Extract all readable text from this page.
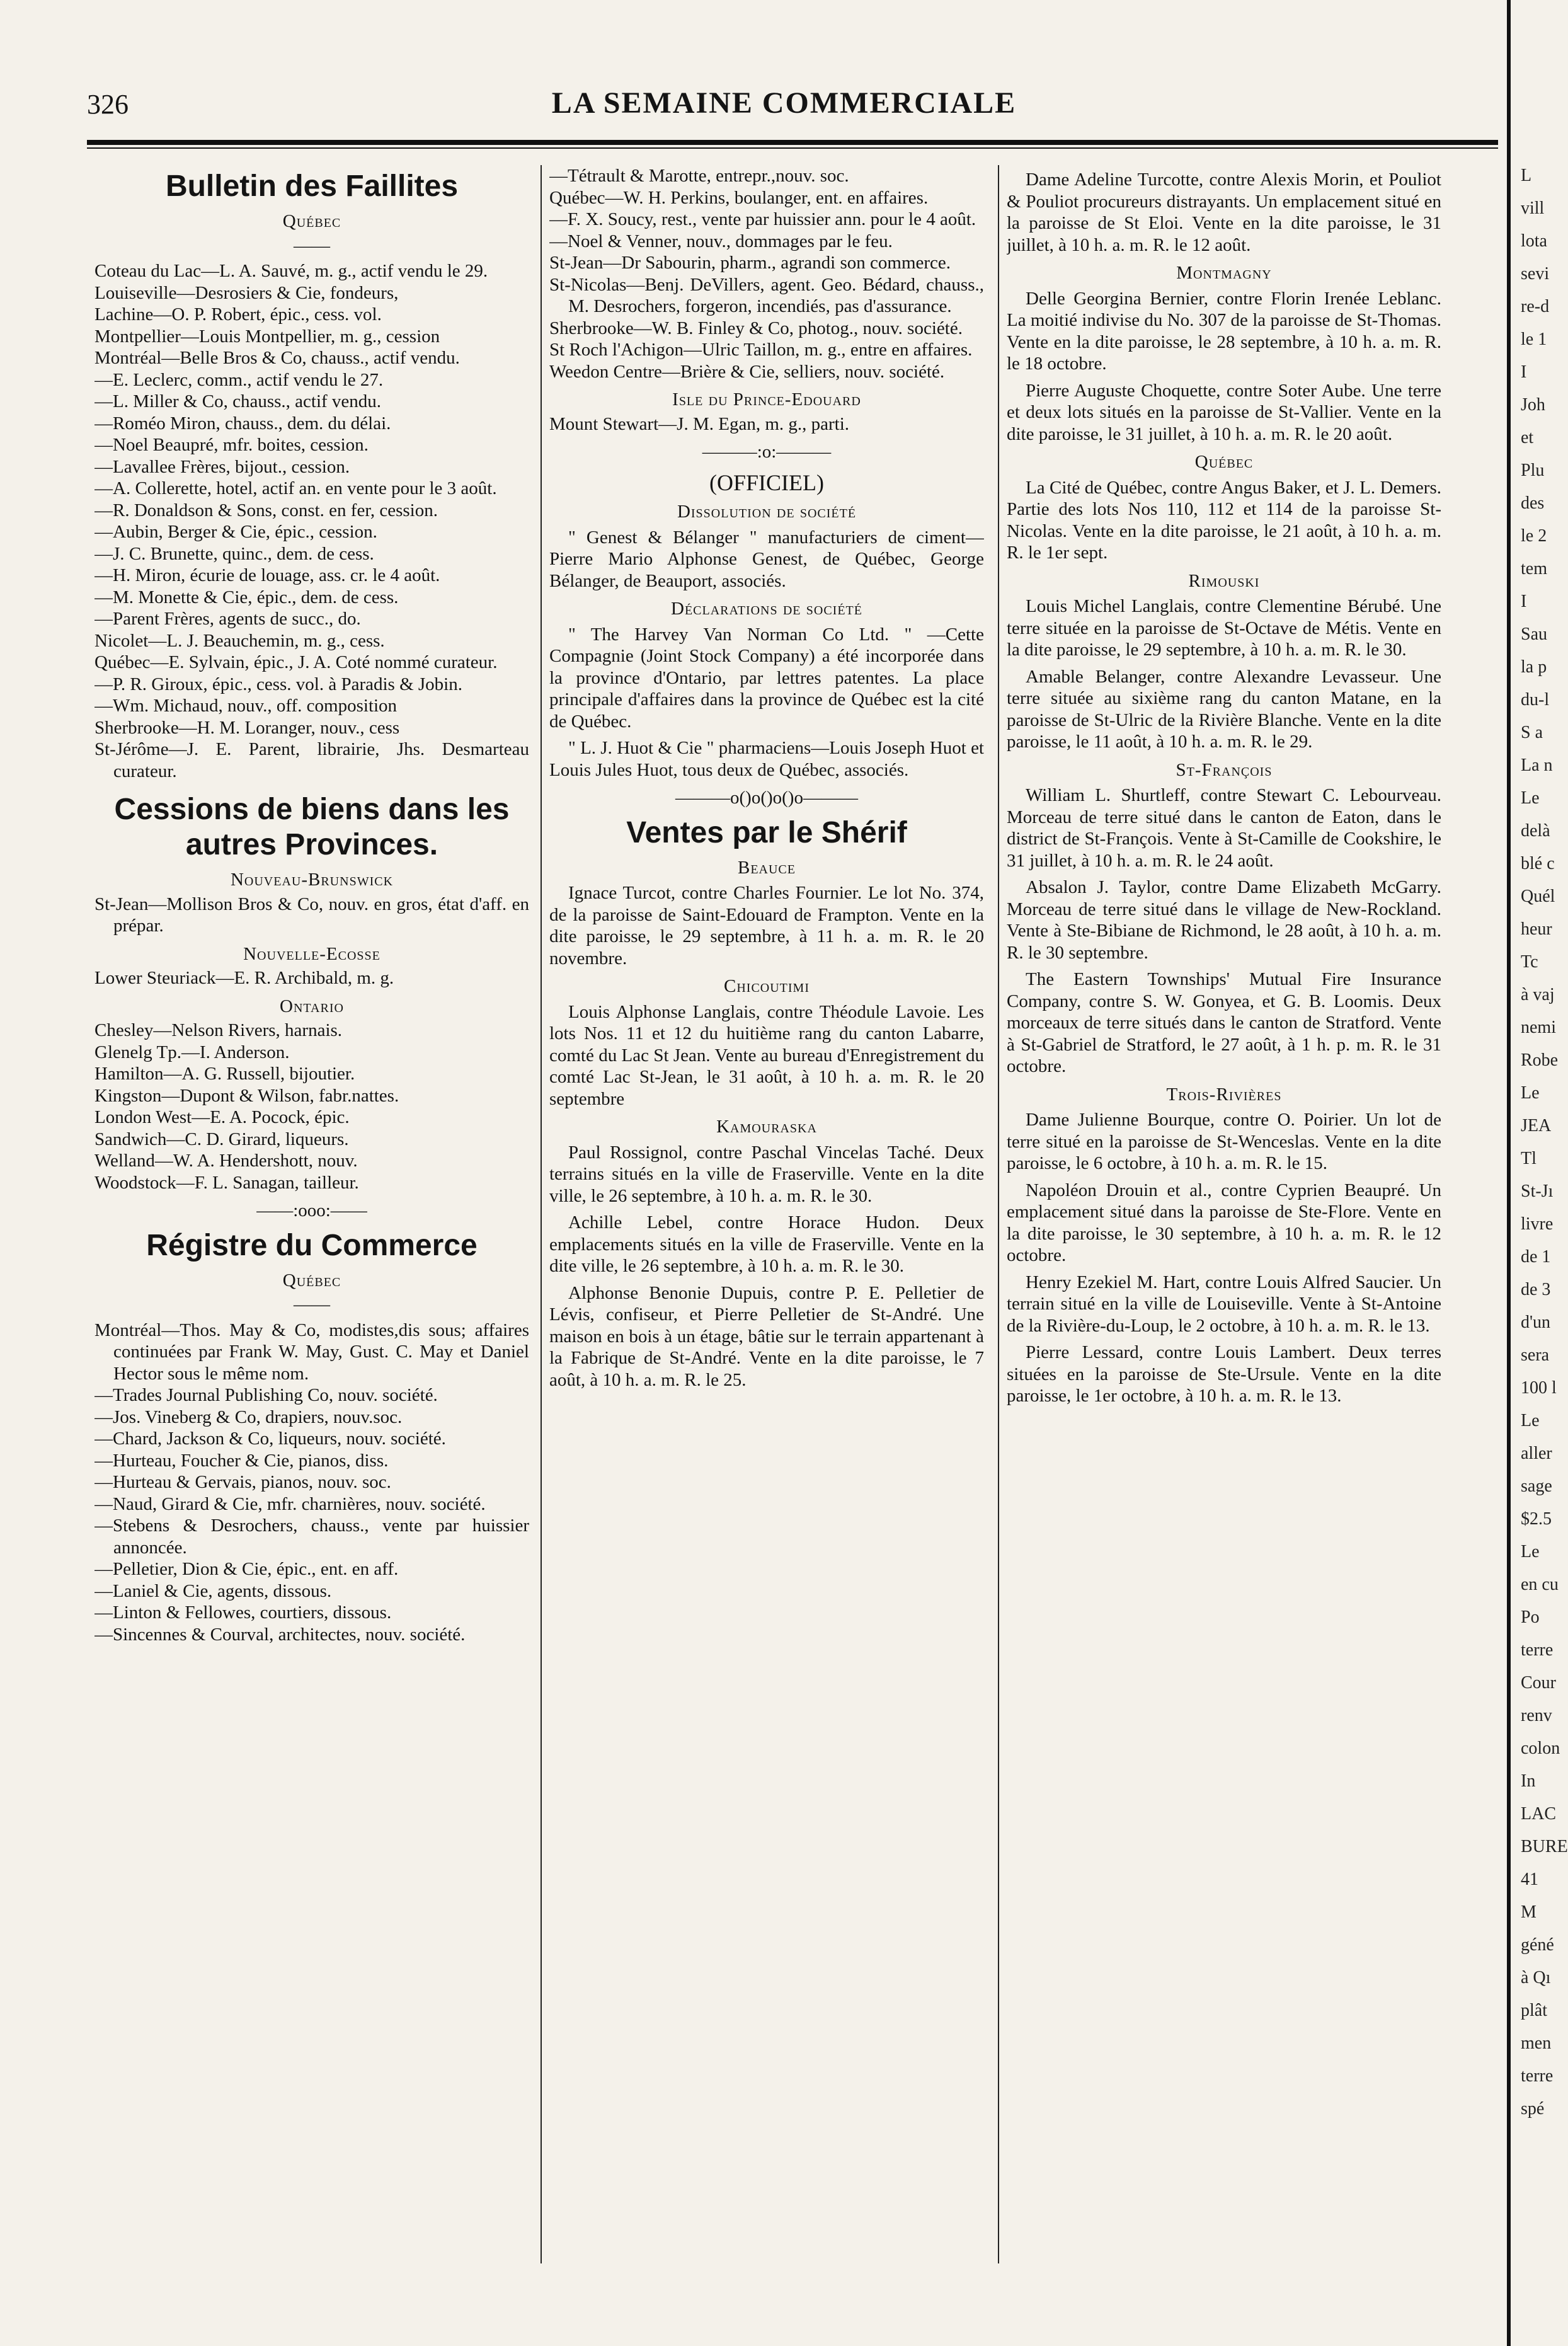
326	LA SEMAINE COMMERCIALE
Bulletin des Faillites
Québec
——

Coteau du Lac—L. A. Sauvé, m. g., actif vendu le 29.

Louiseville—Desrosiers & Cie, fondeurs,

Lachine—O. P. Robert, épic., cess. vol.

Montpellier—Louis Montpellier, m. g., cession

Montréal—Belle Bros & Co, chauss., actif vendu.

—E. Leclerc, comm., actif vendu le 27.

—L. Miller & Co, chauss., actif vendu.

—Roméo Miron, chauss., dem. du délai.

—Noel Beaupré, mfr. boites, cession.

—Lavallee Frères, bijout., cession.

—A. Collerette, hotel, actif an. en vente pour le 3 août.

—R. Donaldson & Sons, const. en fer, cession.

—Aubin, Berger & Cie, épic., cession.

—J. C. Brunette, quinc., dem. de cess.

—H. Miron, écurie de louage, ass. cr. le 4 août.

—M. Monette & Cie, épic., dem. de cess.

—Parent Frères, agents de succ., do.

Nicolet—L. J. Beauchemin, m. g., cess.

Québec—E. Sylvain, épic., J. A. Coté nommé curateur.

—P. R. Giroux, épic., cess. vol. à Paradis & Jobin.

—Wm. Michaud, nouv., off. composition

Sherbrooke—H. M. Loranger, nouv., cess

St-Jérôme—J. E. Parent, librairie, Jhs. Desmarteau curateur.

Cessions de biens dans les autres Provinces.
Nouveau-Brunswick

St-Jean—Mollison Bros & Co, nouv. en gros, état d'aff. en prépar.

Nouvelle-Ecosse

Lower Steuriack—E. R. Archibald, m. g.

Ontario

Chesley—Nelson Rivers, harnais.

Glenelg Tp.—I. Anderson.

Hamilton—A. G. Russell, bijoutier.

Kingston—Dupont & Wilson, fabr.nattes.

London West—E. A. Pocock, épic.

Sandwich—C. D. Girard, liqueurs.

Welland—W. A. Hendershott, nouv.

Woodstock—F. L. Sanagan, tailleur.

——:ooo:——
Régistre du Commerce
Québec
——

Montréal—Thos. May & Co, modistes,dis sous; affaires continuées par Frank W. May, Gust. C. May et Daniel Hector sous le même nom.

—Trades Journal Publishing Co, nouv. société.

—Jos. Vineberg & Co, drapiers, nouv.soc.

—Chard, Jackson & Co, liqueurs, nouv. société.

—Hurteau, Foucher & Cie, pianos, diss.

—Hurteau & Gervais, pianos, nouv. soc.

—Naud, Girard & Cie, mfr. charnières, nouv. société.

—Stebens & Desrochers, chauss., vente par huissier annoncée.

—Pelletier, Dion & Cie, épic., ent. en aff.

—Laniel & Cie, agents, dissous.

—Linton & Fellowes, courtiers, dissous.

—Sincennes & Courval, architectes, nouv. société.

—Tétrault & Marotte, entrepr.,nouv. soc.

Québec—W. H. Perkins, boulanger, ent. en affaires.

—F. X. Soucy, rest., vente par huissier ann. pour le 4 août.

—Noel & Venner, nouv., dommages par le feu.

St-Jean—Dr Sabourin, pharm., agrandi son commerce.

St-Nicolas—Benj. DeVillers, agent. Geo. Bédard, chauss., M. Desrochers, forgeron, incendiés, pas d'assurance.

Sherbrooke—W. B. Finley & Co, photog., nouv. société.

St Roch l'Achigon—Ulric Taillon, m. g., entre en affaires.

Weedon Centre—Brière & Cie, selliers, nouv. société.

Isle du Prince-Edouard

Mount Stewart—J. M. Egan, m. g., parti.

———:o:———
(OFFICIEL)
Dissolution de société

" Genest & Bélanger " manufacturiers de ciment—Pierre Mario Alphonse Genest, de Québec, George Bélanger, de Beauport, associés.

Déclarations de société

" The Harvey Van Norman Co Ltd. " —Cette Compagnie (Joint Stock Company) a été incorporée dans la province d'Ontario, par lettres patentes. La place principale d'affaires dans la province de Québec est la cité de Québec.

" L. J. Huot & Cie " pharmaciens—Louis Joseph Huot et Louis Jules Huot, tous deux de Québec, associés.

———o()o()o()o———
Ventes par le Shérif
Beauce

Ignace Turcot, contre Charles Fournier. Le lot No. 374, de la paroisse de Saint-Edouard de Frampton. Vente en la dite paroisse, le 29 septembre, à 11 h. a. m. R. le 20 novembre.

Chicoutimi

Louis Alphonse Langlais, contre Théodule Lavoie. Les lots Nos. 11 et 12 du huitième rang du canton Labarre, comté du Lac St Jean. Vente au bureau d'Enregistrement du comté Lac St-Jean, le 31 août, à 10 h. a. m. R. le 20 septembre

Kamouraska

Paul Rossignol, contre Paschal Vincelas Taché. Deux terrains situés en la ville de Fraserville. Vente en la dite ville, le 26 septembre, à 10 h. a. m. R. le 30.

Achille Lebel, contre Horace Hudon. Deux emplacements situés en la ville de Fraserville. Vente en la dite ville, le 26 septembre, à 10 h. a. m. R. le 30.

Alphonse Benonie Dupuis, contre P. E. Pelletier de Lévis, confiseur, et Pierre Pelletier de St-André. Une maison en bois à un étage, bâtie sur le terrain appartenant à la Fabrique de St-André. Vente en la dite paroisse, le 7 août, à 10 h. a. m. R. le 25.

Dame Adeline Turcotte, contre Alexis Morin, et Pouliot & Pouliot procureurs distrayants. Un emplacement situé en la paroisse de St Eloi. Vente en la dite paroisse, le 31 juillet, à 10 h. a. m. R. le 12 août.

Montmagny

Delle Georgina Bernier, contre Florin Irenée Leblanc. La moitié indivise du No. 307 de la paroisse de St-Thomas. Vente en la dite paroisse, le 28 septembre, à 10 h. a. m. R. le 18 octobre.

Pierre Auguste Choquette, contre Soter Aube. Une terre et deux lots situés en la paroisse de St-Vallier. Vente en la dite paroisse, le 31 juillet, à 10 h. a. m. R. le 20 août.

Québec

La Cité de Québec, contre Angus Baker, et J. L. Demers. Partie des lots Nos 110, 112 et 114 de la paroisse St-Nicolas. Vente en la dite paroisse, le 21 août, à 10 h. a. m. R. le 1er sept.

Rimouski

Louis Michel Langlais, contre Clementine Bérubé. Une terre située en la paroisse de St-Octave de Métis. Vente en la dite paroisse, le 29 septembre, à 10 h. a. m. R. le 30.

Amable Belanger, contre Alexandre Levasseur. Une terre située au sixième rang du canton Matane, en la paroisse de St-Ulric de la Rivière Blanche. Vente en la dite paroisse, le 11 août, à 10 h. a. m. R. le 29.

St-François

William L. Shurtleff, contre Stewart C. Lebourveau. Morceau de terre situé dans le canton de Eaton, dans le district de St-François. Vente à St-Camille de Cookshire, le 31 juillet, à 10 h. a. m. R. le 24 août.

Absalon J. Taylor, contre Dame Elizabeth McGarry. Morceau de terre situé dans le village de New-Rockland. Vente à Ste-Bibiane de Richmond, le 28 août, à 10 h. a. m. R. le 30 septembre.

The Eastern Townships' Mutual Fire Insurance Company, contre S. W. Gonyea, et G. B. Loomis. Deux morceaux de terre situés dans le canton de Stratford. Vente à St-Gabriel de Stratford, le 27 août, à 1 h. p. m. R. le 31 octobre.

Trois-Rivières

Dame Julienne Bourque, contre O. Poirier. Un lot de terre situé en la paroisse de St-Wenceslas. Vente en la dite paroisse, le 6 octobre, à 10 h. a. m. R. le 15.

Napoléon Drouin et al., contre Cyprien Beaupré. Un emplacement situé dans la paroisse de Ste-Flore. Vente en la dite paroisse, le 30 septembre, à 10 h. a. m. R. le 12 octobre.

Henry Ezekiel M. Hart, contre Louis Alfred Saucier. Un terrain situé en la ville de Louiseville. Vente à St-Antoine de la Rivière-du-Loup, le 2 octobre, à 10 h. a. m. R. le 13.

Pierre Lessard, contre Louis Lambert. Deux terres situées en la paroisse de Ste-Ursule. Vente en la dite paroisse, le 1er octobre, à 10 h. a. m. R. le 13.

L
vill
lota
sevi
re-d
le 1
I
Joh
et
Plu
des
le 2
tem
I
Sau
la p
du-l
S a
La n
Le
delà
blé c
Quél
heur
Tc
à vaj
nemi
Robe
Le
JEA
Tl
St-Jı
livre
de 1
de 3
d'un
sera
100 l
Le
aller
sage
$2.5
Le
en cu
Po
terre
Cour
renv
colon
In
LAC
BURE
41
M
géné
à Qı
plât
men
terre
spé
